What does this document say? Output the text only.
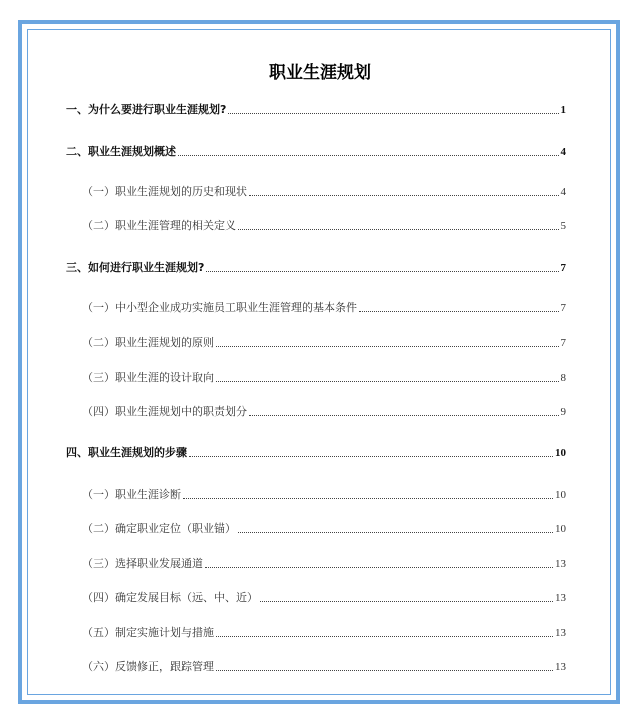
职业生涯规划
一、为什么要进行职业生涯规划?	1
二、职业生涯规划概述	4
（一）职业生涯规划的历史和现状	4
（二）职业生涯管理的相关定义	5
三、如何进行职业生涯规划?	7
（一）中小型企业成功实施员工职业生涯管理的基本条件	7
（二）职业生涯规划的原则	7
（三）职业生涯的设计取向	8
（四）职业生涯规划中的职责划分	9
四、职业生涯规划的步骤	10
（一）职业生涯诊断	10
（二）确定职业定位（职业锚）	10
（三）选择职业发展通道	13
（四）确定发展目标（远、中、近）	13
（五）制定实施计划与措施	13
（六）反馈修正，跟踪管理	13
